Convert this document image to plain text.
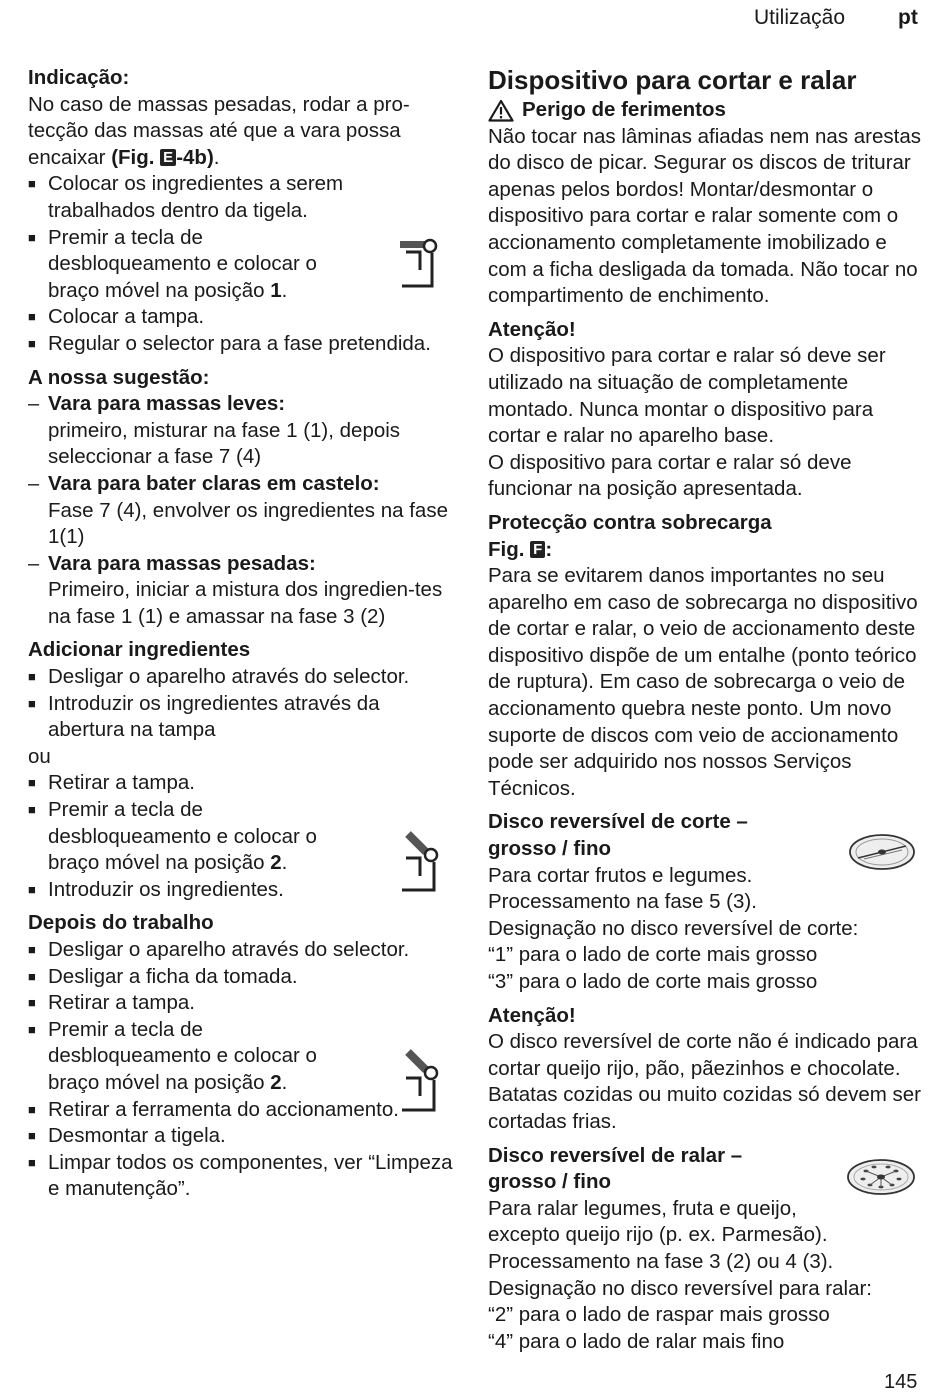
Utilização	pt

Indicação:

No caso de massas pesadas, rodar a pro-tecção das massas até que a vara possa encaixar (Fig. E -4b).

■ Colocar os ingredientes a serem trabalhados dentro da tigela.
■ Premir a tecla de desbloqueamento e colocar o braço móvel na posição 1.
■ Colocar a tampa.
■ Regular o selector para a fase pretendida.

A nossa sugestão:

– Vara para massas leves:
primeiro, misturar na fase 1 (1), depois seleccionar a fase 7 (4)
– Vara para bater claras em castelo:
Fase 7 (4), envolver os ingredientes na fase 1(1)
– Vara para massas pesadas:
Primeiro, iniciar a mistura dos ingredien-tes na fase 1 (1) e amassar na fase 3 (2)

Adicionar ingredientes

■ Desligar o aparelho através do selector.
■ Introduzir os ingredientes através da abertura na tampa

ou

■ Retirar a tampa.
■ Premir a tecla de desbloqueamento e colocar o braço móvel na posição 2.
■ Introduzir os ingredientes.

Depois do trabalho

■ Desligar o aparelho através do selector.
■ Desligar a ficha da tomada.
■ Retirar a tampa.
■ Premir a tecla de desbloqueamento e colocar o braço móvel na posição 2.
■ Retirar a ferramenta do accionamento.
■ Desmontar a tigela.
■ Limpar todos os componentes, ver “Limpeza e manutenção”.

Dispositivo para cortar e ralar

Perigo de ferimentos

Não tocar nas lâminas afiadas nem nas arestas do disco de picar. Segurar os discos de triturar apenas pelos bordos! Montar/desmontar o dispositivo para cortar e ralar somente com o accionamento completamente imobilizado e com a ficha desligada da tomada. Não tocar no compartimento de enchimento.

Atenção!

O dispositivo para cortar e ralar só deve ser utilizado na situação de completamente montado. Nunca montar o dispositivo para cortar e ralar no aparelho base.

O dispositivo para cortar e ralar só deve funcionar na posição apresentada.

Protecção contra sobrecarga

Fig. F :

Para se evitarem danos importantes no seu aparelho em caso de sobrecarga no dispositivo de cortar e ralar, o veio de accionamento deste dispositivo dispõe de um entalhe (ponto teórico de ruptura). Em caso de sobrecarga o veio de accionamento quebra neste ponto. Um novo suporte de discos com veio de accionamento pode ser adquirido nos nossos Serviços Técnicos.

Disco reversível de corte –
grosso / fino

Para cortar frutos e legumes.

Processamento na fase 5 (3).

Designação no disco reversível de corte:

“1” para o lado de corte mais grosso

“3” para o lado de corte mais grosso

Atenção!

O disco reversível de corte não é indicado para cortar queijo rijo, pão, pãezinhos e chocolate. Batatas cozidas ou muito cozidas só devem ser cortadas frias.

Disco reversível de ralar –
grosso / fino

Para ralar legumes, fruta e queijo,

excepto queijo rijo (p. ex. Parmesão).

Processamento na fase 3 (2) ou 4 (3).

Designação no disco reversível para ralar:

“2” para o lado de raspar mais grosso

“4” para o lado de ralar mais fino

145
